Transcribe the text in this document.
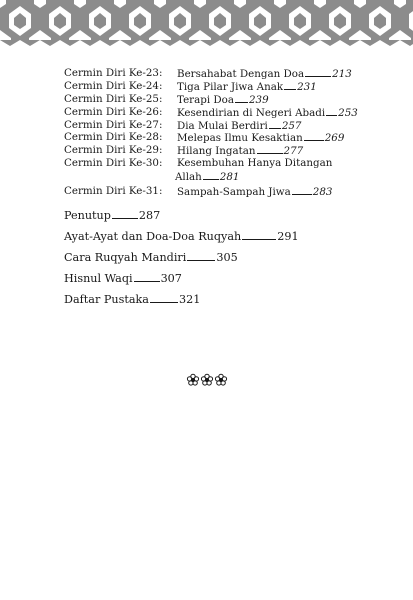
Cermin Diri Ke-23: Bersahabat Dengan Doa	213
Cermin Diri Ke-24: Tiga Pilar Jiwa Anak 231
Cermin Diri Ke-25: Terapi Doa 239
Cermin Diri Ke-26: Kesendirian di Negeri Abadi 253
Cermin Diri Ke-27: Dia Mulai Berdiri 257
Cermin Diri Ke-28: Melepas Ilmu Kesaktian 269
Cermin Diri Ke-29: Hilang Ingatan	277
Cermin Diri Ke-30: Kesembuhan Hanya Ditangan
Allah 281
Cermin Diri Ke-31: Sampah-Sampah Jiwa 283
Penutup	287
Ayat-Ayat dan Doa-Doa Ruqyah	291
Cara Ruqyah Mandiri	305
Hisnul Waqi	307
Daftar Pustaka	321
